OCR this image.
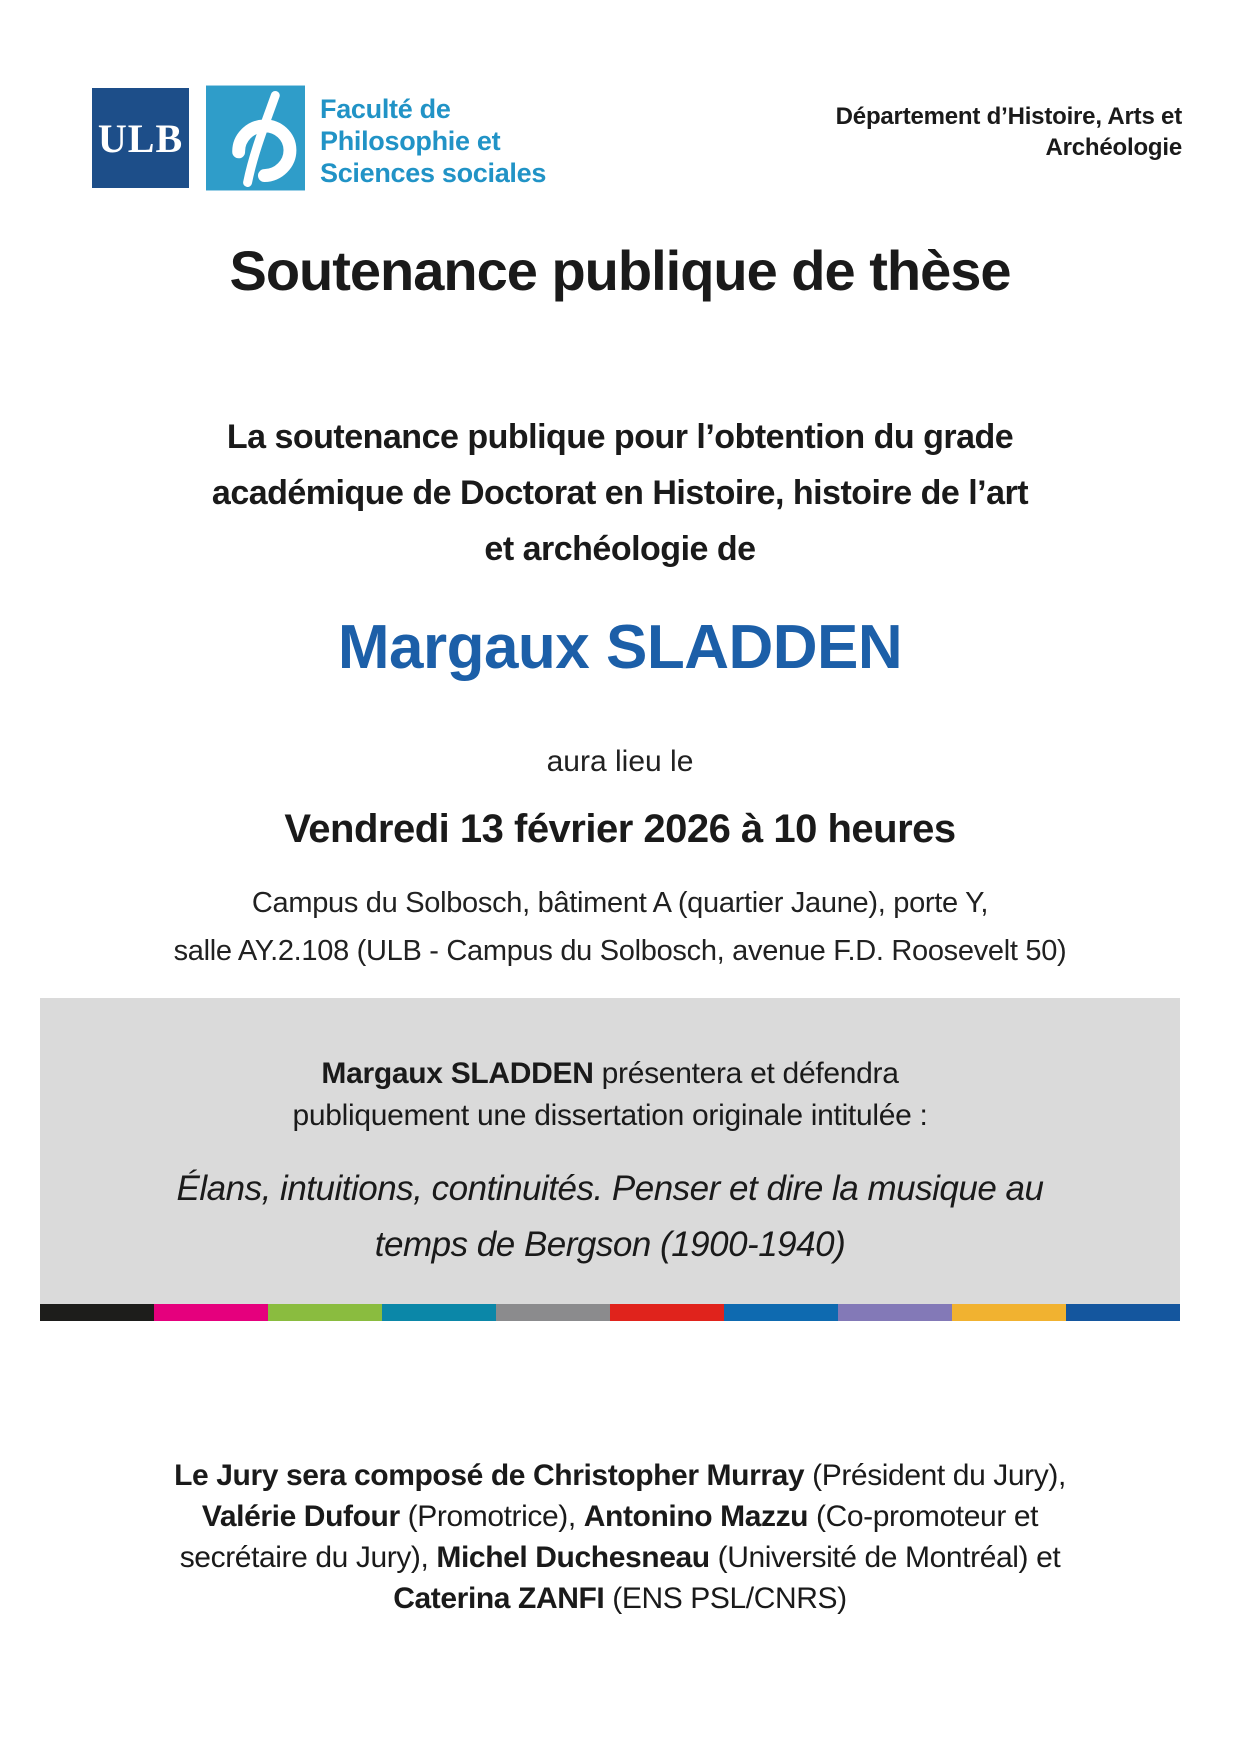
ULB
Faculté de
Philosophie et
Sciences sociales
Département d’Histoire, Arts et
Archéologie
Soutenance publique de thèse
La soutenance publique pour l’obtention du grade
académique de Doctorat en Histoire, histoire de l’art
et archéologie de
Margaux SLADDEN
aura lieu le
Vendredi 13 février 2026 à 10 heures
Campus du Solbosch, bâtiment A (quartier Jaune), porte Y,
salle AY.2.108 (ULB - Campus du Solbosch, avenue F.D. Roosevelt 50)
Margaux SLADDEN présentera et défendra
publiquement une dissertation originale intitulée :
Élans, intuitions, continuités. Penser et dire la musique au
temps de Bergson (1900-1940)
Le Jury sera composé de Christopher Murray (Président du Jury),
Valérie Dufour (Promotrice), Antonino Mazzu (Co-promoteur et
secrétaire du Jury), Michel Duchesneau (Université de Montréal) et
Caterina ZANFI (ENS PSL/CNRS)
